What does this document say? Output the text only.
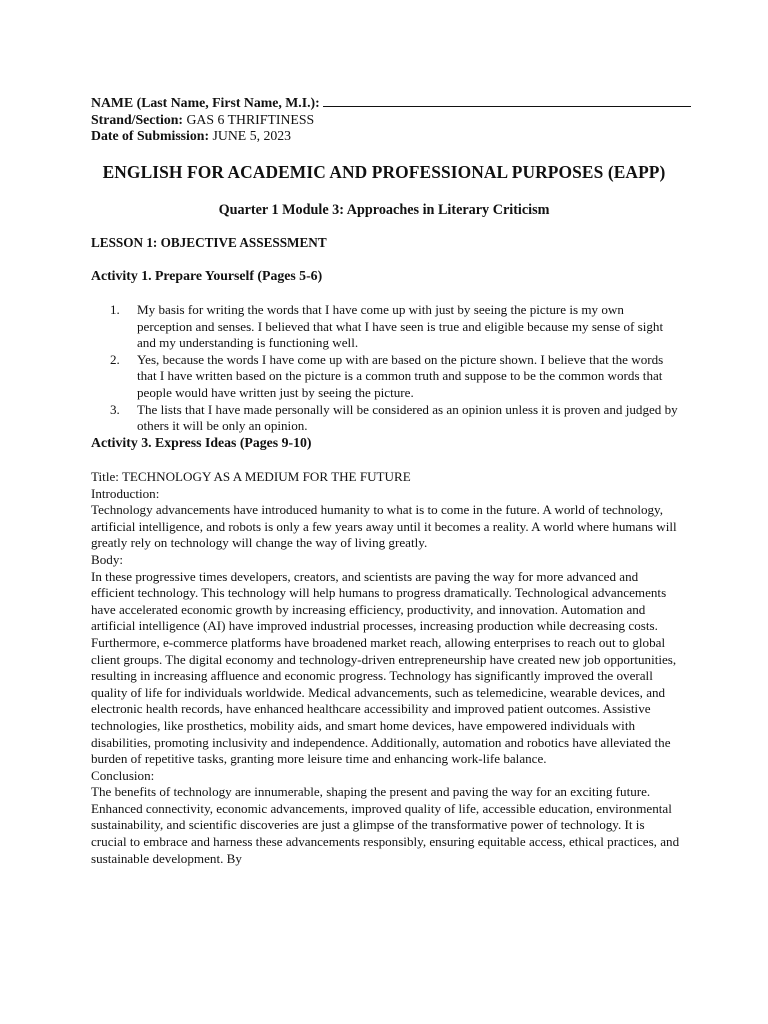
NAME (Last Name, First Name, M.I.):
Strand/Section: GAS 6 THRIFTINESS
Date of Submission: JUNE 5, 2023
ENGLISH FOR ACADEMIC AND PROFESSIONAL PURPOSES (EAPP)
Quarter 1 Module 3: Approaches in Literary Criticism
LESSON 1: OBJECTIVE ASSESSMENT
Activity 1. Prepare Yourself (Pages 5-6)
1. My basis for writing the words that I have come up with just by seeing the picture is my own perception and senses. I believed that what I have seen is true and eligible because my sense of sight and my understanding is functioning well.
2. Yes, because the words I have come up with are based on the picture shown. I believe that the words that I have written based on the picture is a common truth and suppose to be the common words that people would have written just by seeing the picture.
3. The lists that I have made personally will be considered as an opinion unless it is proven and judged by others it will be only an opinion.
Activity 3. Express Ideas (Pages 9-10)

Title: TECHNOLOGY AS A MEDIUM FOR THE FUTURE

Introduction:

Technology advancements have introduced humanity to what is to come in the future. A world of technology, artificial intelligence, and robots is only a few years away until it becomes a reality. A world where humans will greatly rely on technology will change the way of living greatly.

Body:

In these progressive times developers, creators, and scientists are paving the way for more advanced and efficient technology. This technology will help humans to progress dramatically. Technological advancements have accelerated economic growth by increasing efficiency, productivity, and innovation. Automation and artificial intelligence (AI) have improved industrial processes, increasing production while decreasing costs. Furthermore, e-commerce platforms have broadened market reach, allowing enterprises to reach out to global client groups. The digital economy and technology-driven entrepreneurship have created new job opportunities, resulting in increasing affluence and economic progress. Technology has significantly improved the overall quality of life for individuals worldwide. Medical advancements, such as telemedicine, wearable devices, and electronic health records, have enhanced healthcare accessibility and improved patient outcomes. Assistive technologies, like prosthetics, mobility aids, and smart home devices, have empowered individuals with disabilities, promoting inclusivity and independence. Additionally, automation and robotics have alleviated the burden of repetitive tasks, granting more leisure time and enhancing work-life balance.

Conclusion:

The benefits of technology are innumerable, shaping the present and paving the way for an exciting future. Enhanced connectivity, economic advancements, improved quality of life, accessible education, environmental sustainability, and scientific discoveries are just a glimpse of the transformative power of technology. It is crucial to embrace and harness these advancements responsibly, ensuring equitable access, ethical practices, and sustainable development. By
